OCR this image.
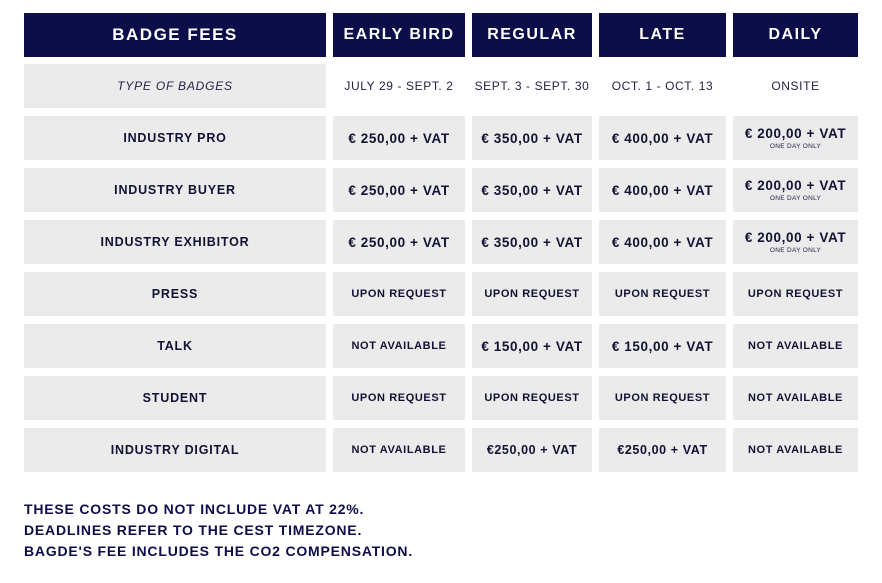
BADGE FEES	EARLY BIRD	REGULAR	LATE	DAILY
TYPE OF BADGES	JULY 29 - SEPT. 2	SEPT. 3 - SEPT. 30	OCT. 1 - OCT. 13	ONSITE
INDUSTRY PRO	€ 250,00 + VAT	€ 350,00 + VAT	€ 400,00 + VAT	€ 200,00 + VAT
ONE DAY ONLY
INDUSTRY BUYER	€ 250,00 + VAT	€ 350,00 + VAT	€ 400,00 + VAT	€ 200,00 + VAT
ONE DAY ONLY
INDUSTRY EXHIBITOR	€ 250,00 + VAT	€ 350,00 + VAT	€ 400,00 + VAT	€ 200,00 + VAT
ONE DAY ONLY
PRESS	UPON REQUEST	UPON REQUEST	UPON REQUEST	UPON REQUEST
TALK	NOT AVAILABLE	€ 150,00 + VAT	€ 150,00 + VAT	NOT AVAILABLE
STUDENT	UPON REQUEST	UPON REQUEST	UPON REQUEST	NOT AVAILABLE
INDUSTRY DIGITAL	NOT AVAILABLE	€250,00 + VAT	€250,00 + VAT	NOT AVAILABLE
THESE COSTS DO NOT INCLUDE VAT AT 22%.
DEADLINES REFER TO THE CEST TIMEZONE.
BAGDE'S FEE INCLUDES THE CO2 COMPENSATION.
